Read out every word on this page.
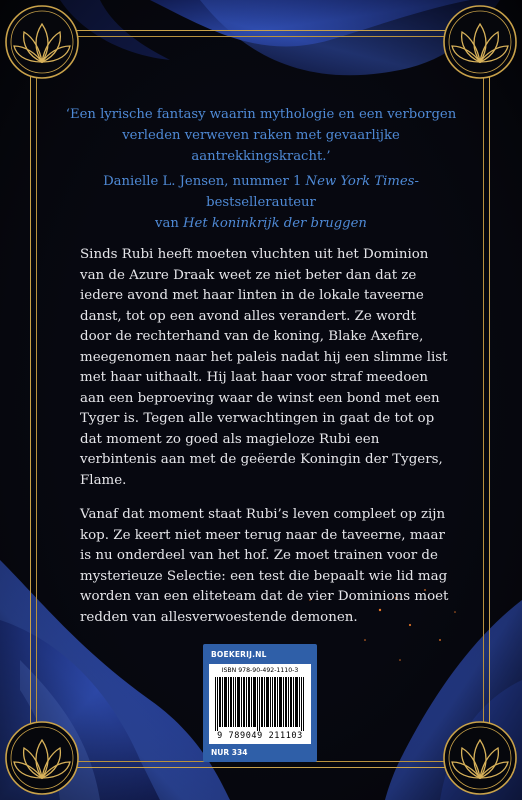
‘Een lyrische fantasy waarin mythologie en een verborgen verleden verweven raken met gevaarlijke aantrekkingskracht.’

Danielle L. Jensen, nummer 1 New York Times-bestsellerauteur
van Het koninkrijk der bruggen

Sinds Rubi heeft moeten vluchten uit het Dominion van de Azure Draak weet ze niet beter dan dat ze iedere avond met haar linten in de lokale taveerne danst, tot op een avond alles verandert. Ze wordt door de rechterhand van de koning, Blake Axefire, meegenomen naar het paleis nadat hij een slimme list met haar uithaalt. Hij laat haar voor straf meedoen aan een beproeving waar de winst een bond met een Tyger is. Tegen alle verwachtingen in gaat de tot op dat moment zo goed als magieloze Rubi een verbintenis aan met de geëerde Koningin der Tygers, Flame.

Vanaf dat moment staat Rubi’s leven compleet op zijn kop. Ze keert niet meer terug naar de taveerne, maar is nu onderdeel van het hof. Ze moet trainen voor de mysterieuze Selectie: een test die bepaalt wie lid mag worden van een eliteteam dat de vier Dominions moet redden van allesverwoestende demonen.

BOEKERIJ.NL
ISBN 978-90-492-1110-3
9 789049 211103
NUR 334
